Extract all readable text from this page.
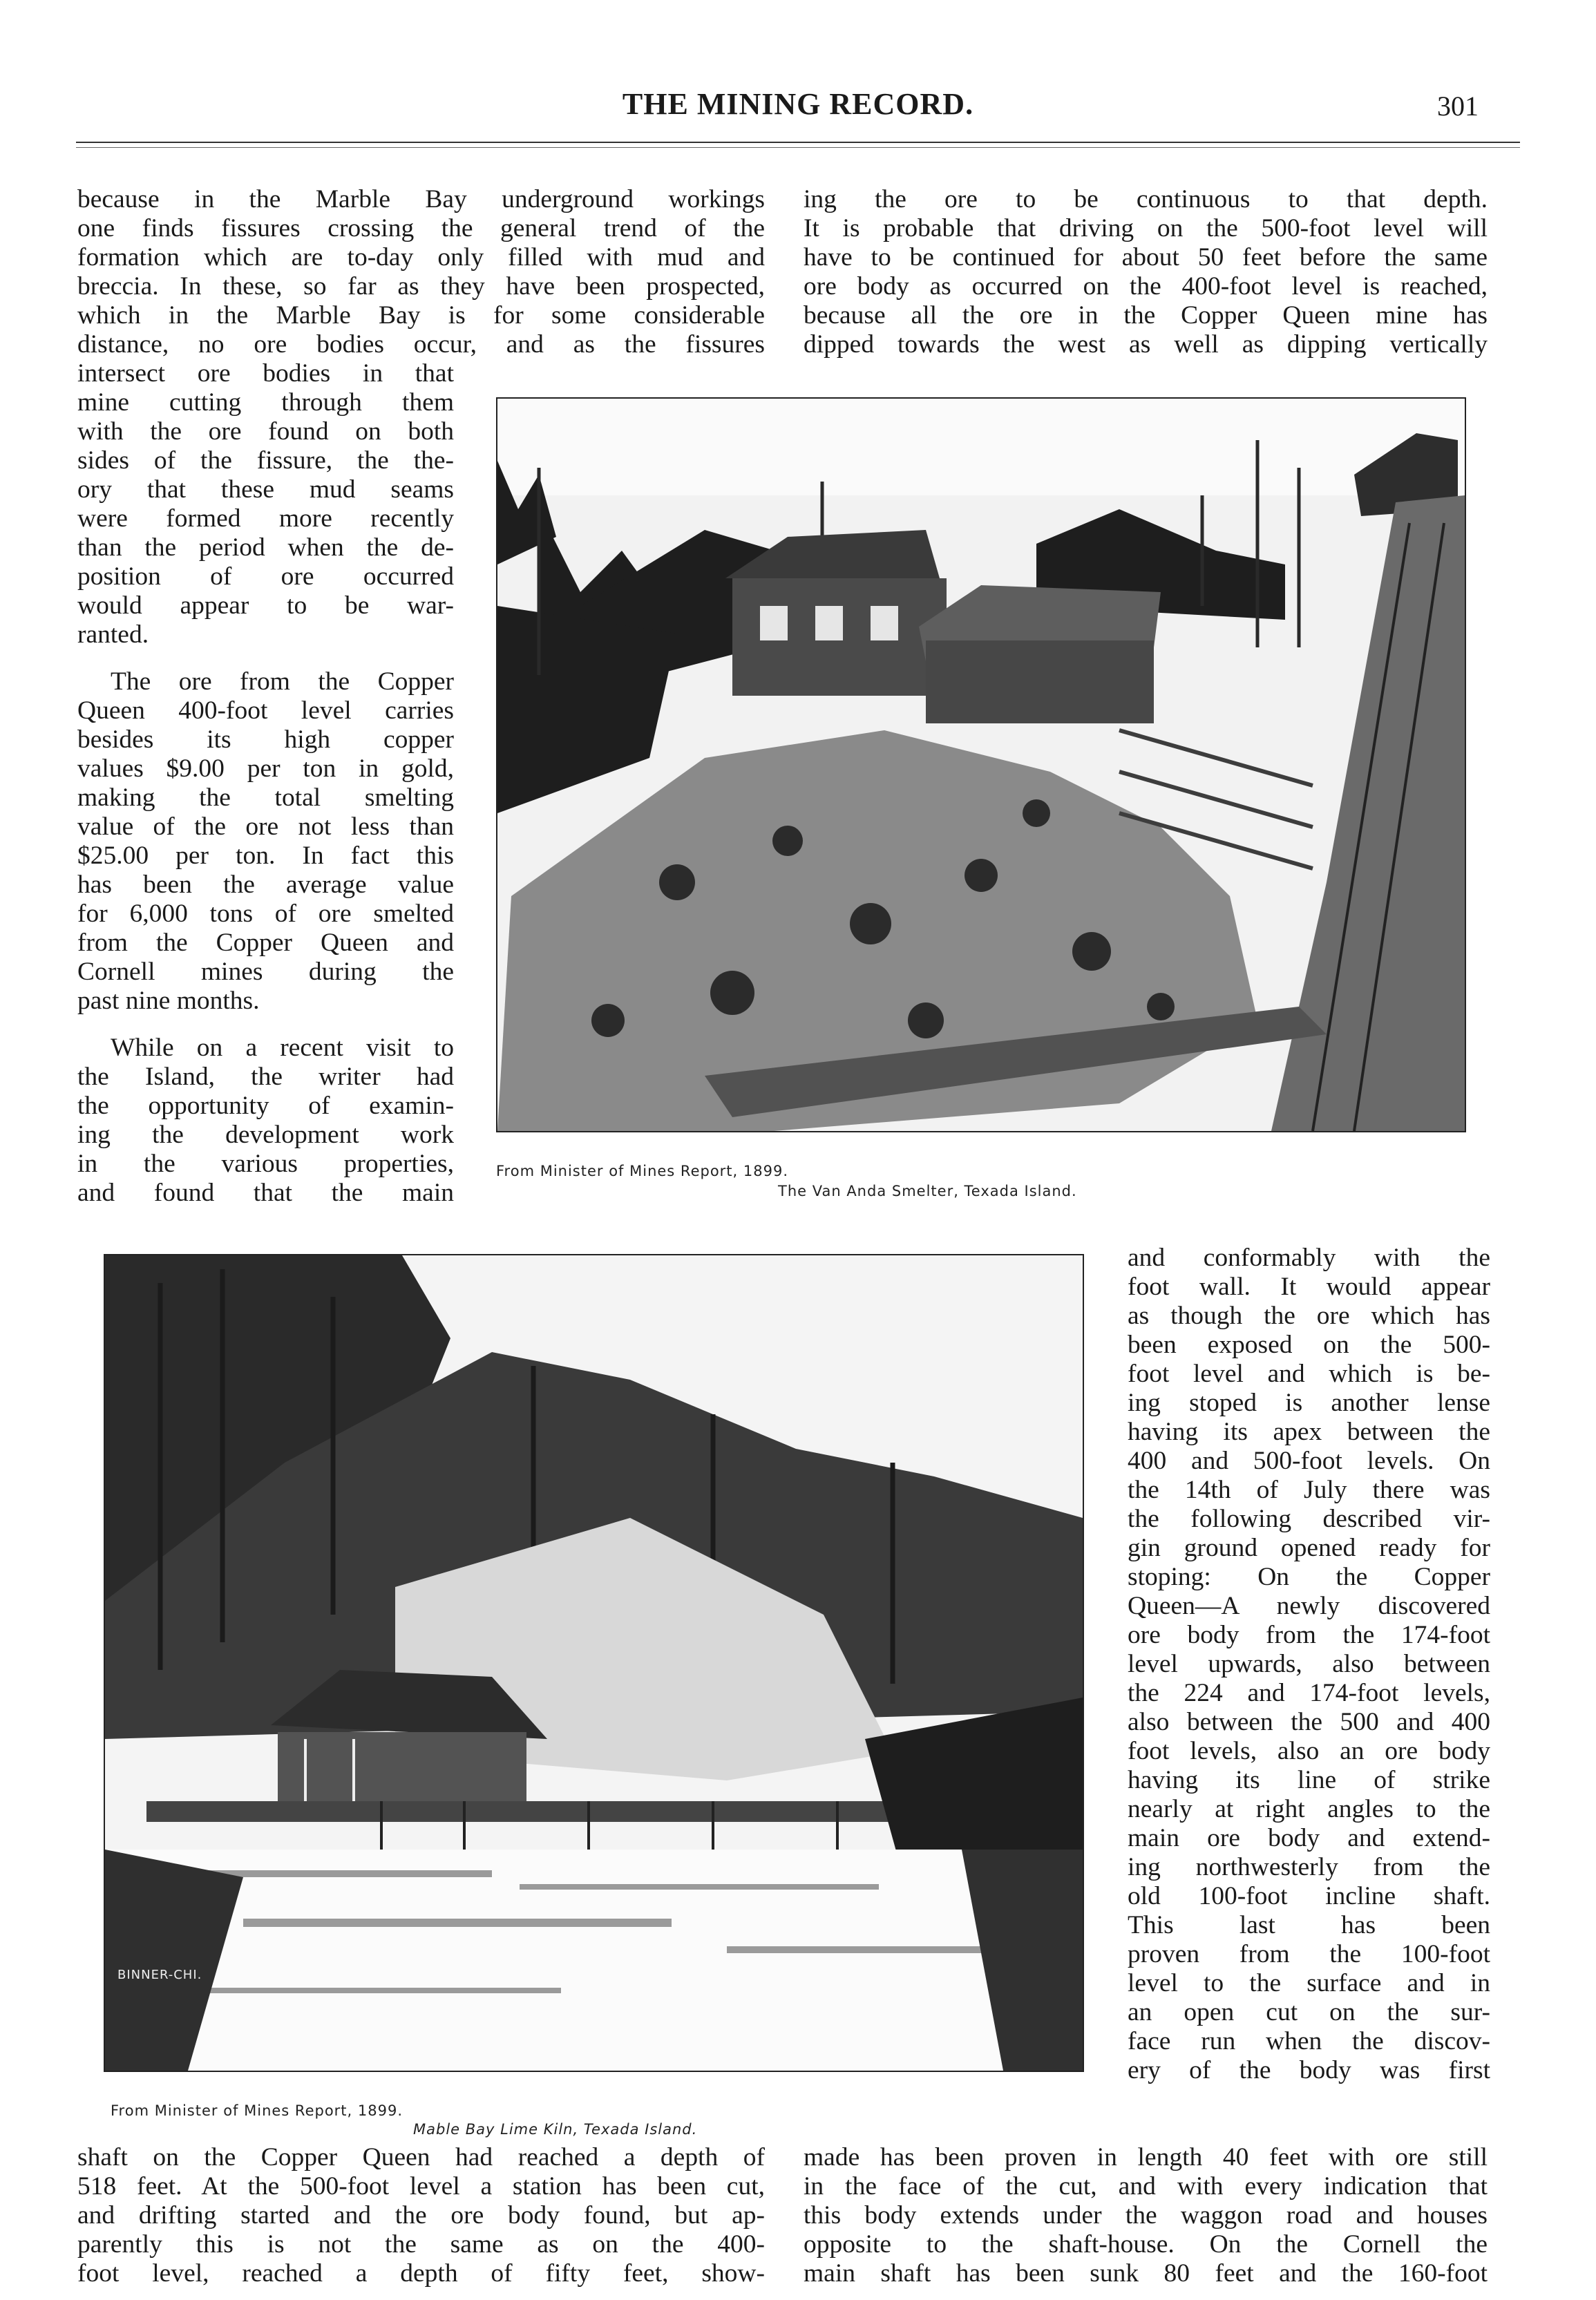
THE MINING RECORD.	301
because in the Marble Bay underground workings
one finds fissures crossing the general trend of the
formation which are to-day only filled with mud and
breccia. In these, so far as they have been prospected,
which in the Marble Bay is for some considerable
distance, no ore bodies occur, and as the fissures
ing the ore to be continuous to that depth.
It is probable that driving on the 500-foot level will
have to be continued for about 50 feet before the same
ore body as occurred on the 400-foot level is reached,
because all the ore in the Copper Queen mine has
dipped towards the west as well as dipping vertically
intersect ore bodies in that
mine cutting through them
with the ore found on both
sides of the fissure, the the-
ory that these mud seams
were formed more recently
than the period when the de-
position of ore occurred
would appear to be war-
ranted.
The ore from the Copper
Queen 400-foot level carries
besides its high copper
values $9.00 per ton in gold,
making the total smelting
value of the ore not less than
$25.00 per ton. In fact this
has been the average value
for 6,000 tons of ore smelted
from the Copper Queen and
Cornell mines during the
past nine months.
While on a recent visit to
the Island, the writer had
the opportunity of examin-
ing the development work
in the various properties,
and found that the main
From Minister of Mines Report, 1899.
The Van Anda Smelter, Texada Island.
BINNER-CHI.
From Minister of Mines Report, 1899.
Mable Bay Lime Kiln, Texada Island.
and conformably with the
foot wall. It would appear
as though the ore which has
been exposed on the 500-
foot level and which is be-
ing stoped is another lense
having its apex between the
400 and 500-foot levels. On
the 14th of July there was
the following described vir-
gin ground opened ready for
stoping: On the Copper
Queen—A newly discovered
ore body from the 174-foot
level upwards, also between
the 224 and 174-foot levels,
also between the 500 and 400
foot levels, also an ore body
having its line of strike
nearly at right angles to the
main ore body and extend-
ing northwesterly from the
old 100-foot incline shaft.
This last has been
proven from the 100-foot
level to the surface and in
an open cut on the sur-
face run when the discov-
ery of the body was first
shaft on the Copper Queen had reached a depth of
518 feet. At the 500-foot level a station has been cut,
and drifting started and the ore body found, but ap-
parently this is not the same as on the 400-
foot level, reached a depth of fifty feet, show-
made has been proven in length 40 feet with ore still
in the face of the cut, and with every indication that
this body extends under the waggon road and houses
opposite to the shaft-house. On the Cornell the
main shaft has been sunk 80 feet and the 160-foot
